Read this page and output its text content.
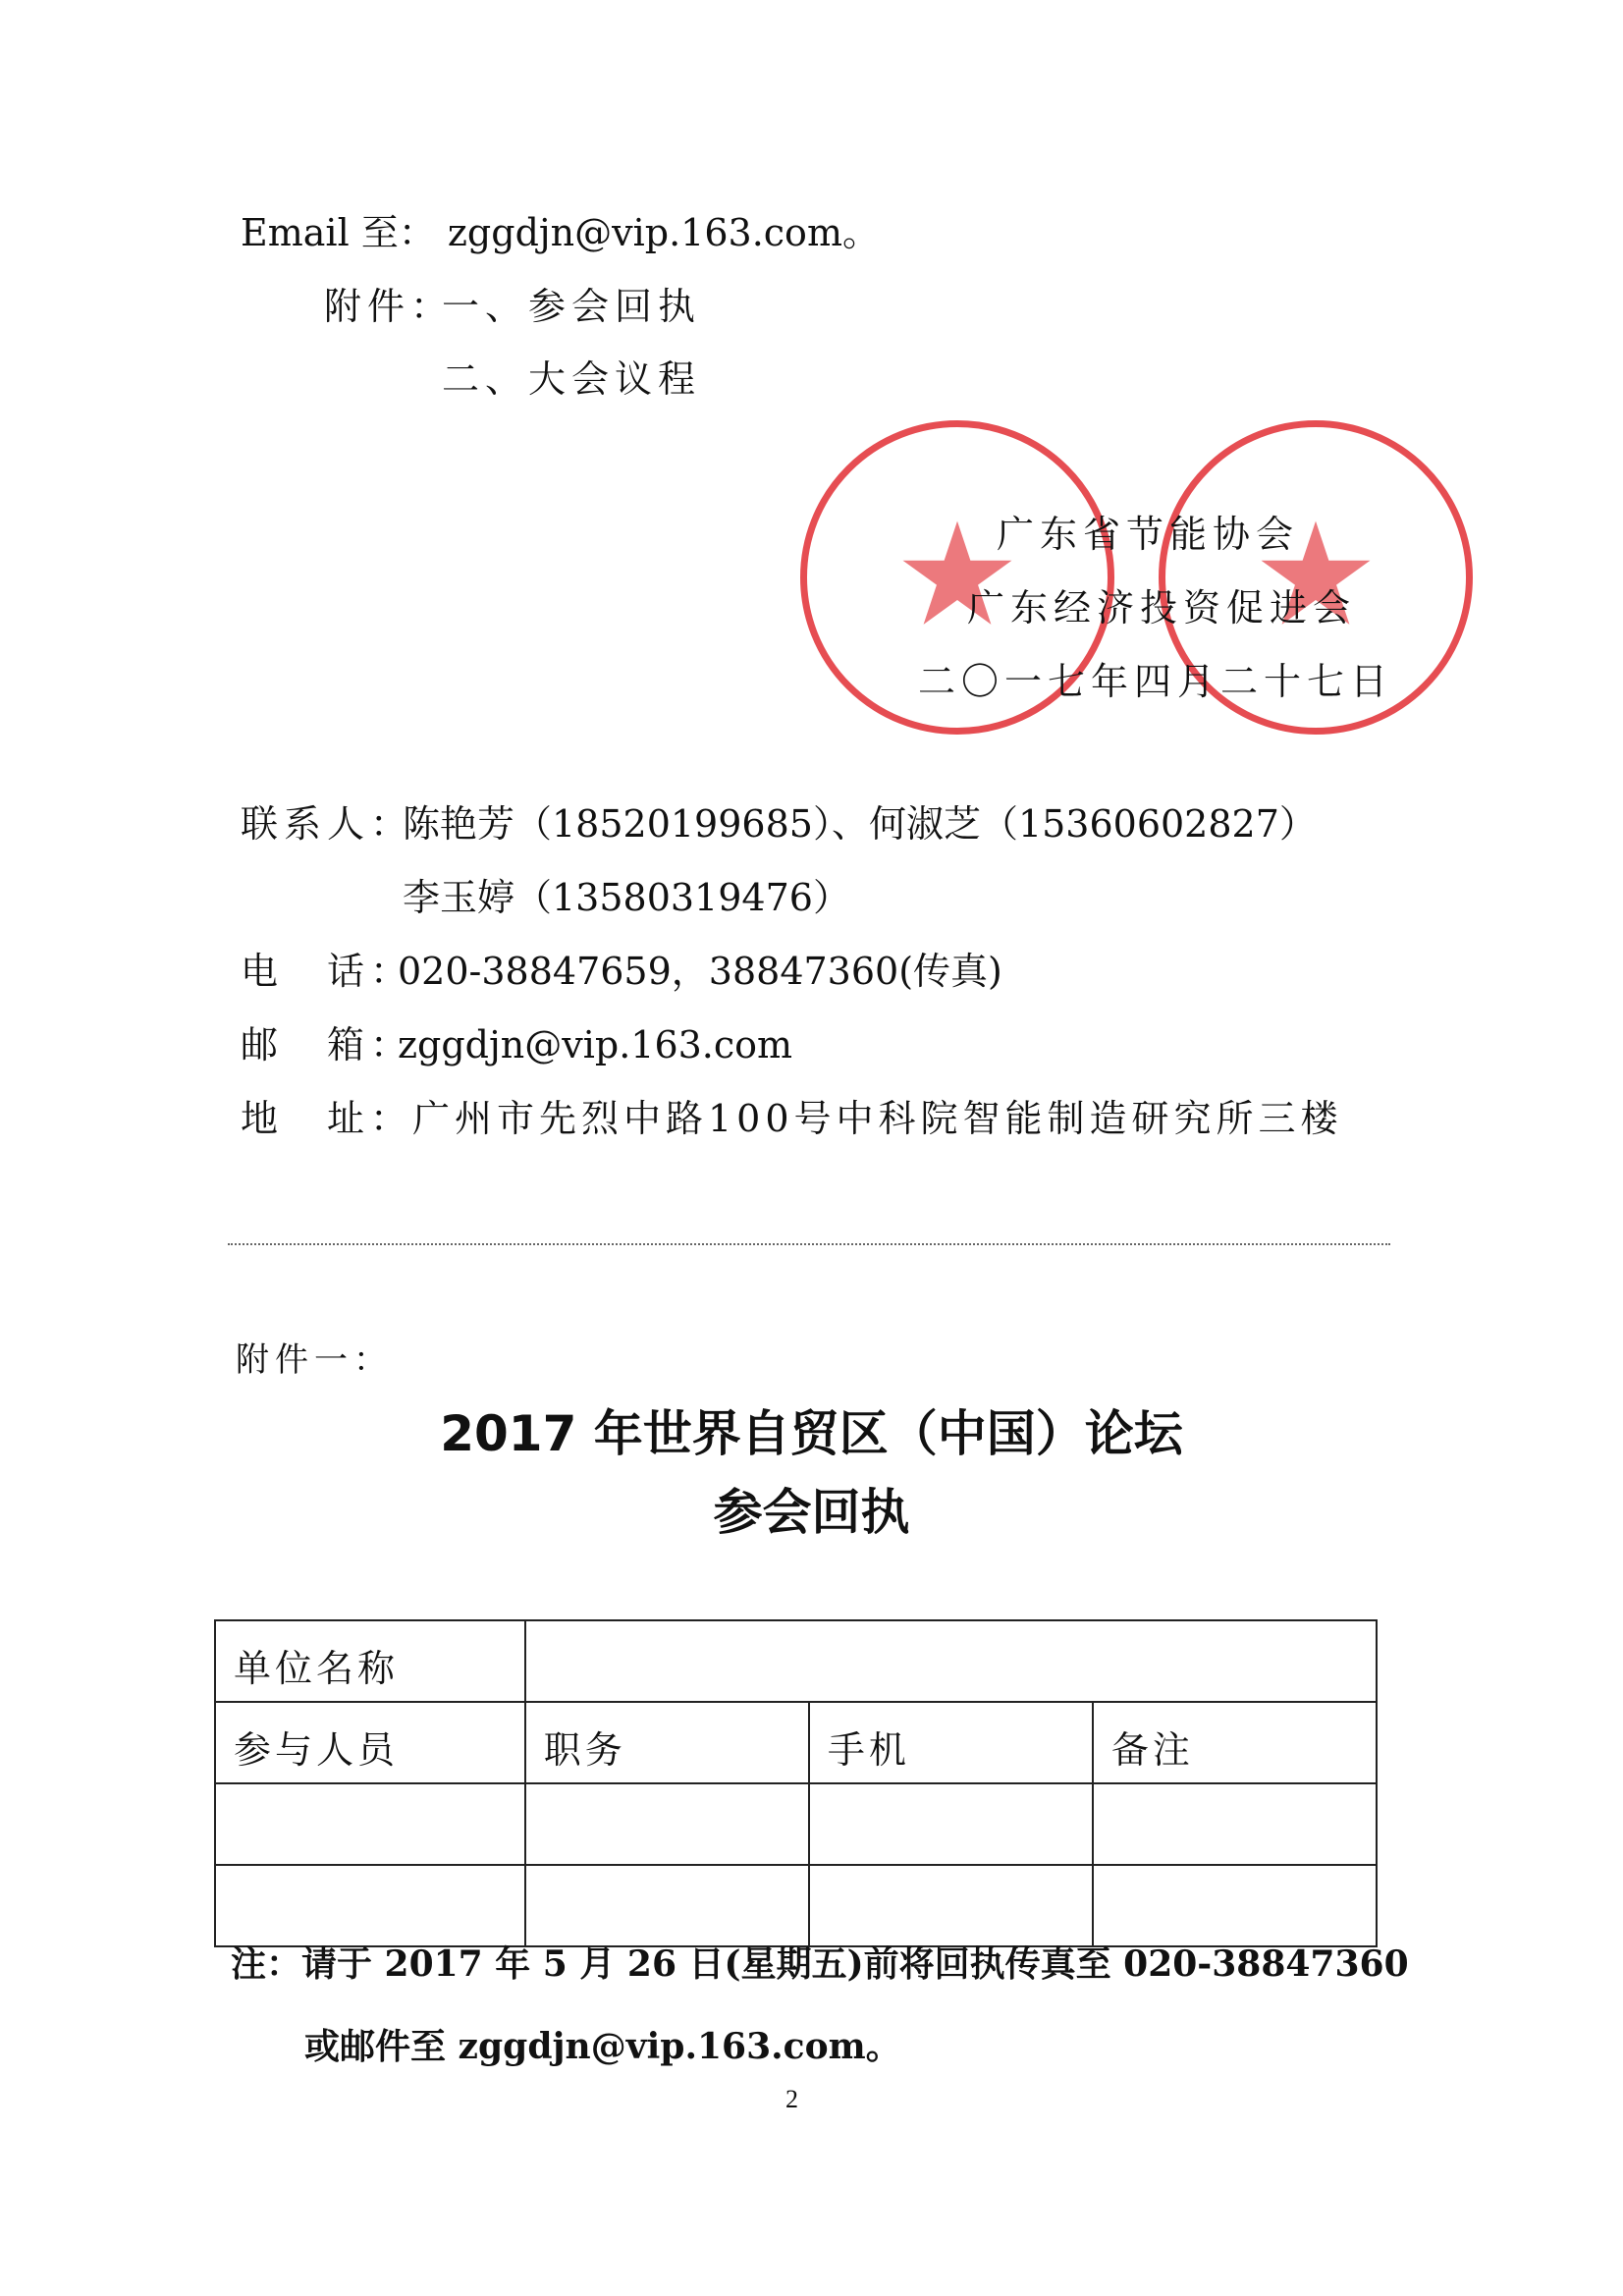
Email 至： zggdjn@vip.163.com。
附件：
一、参会回执
二、大会议程
广东省节能协会
广东经济投资促进会
二〇一七年四月二十七日
联系人：
陈艳芳（18520199685）、何淑芝（15360602827）
李玉婷（13580319476）
电　话：
020-38847659，38847360(传真)
邮　箱：
zggdjn@vip.163.com
地　址：
广州市先烈中路100号中科院智能制造研究所三楼
附件一：
2017 年世界自贸区（中国）论坛
参会回执
单位名称			
参与人员	职务	手机	备注

注：请于 2017 年 5 月 26 日(星期五)前将回执传真至 020-38847360
或邮件至 zggdjn@vip.163.com。
2
